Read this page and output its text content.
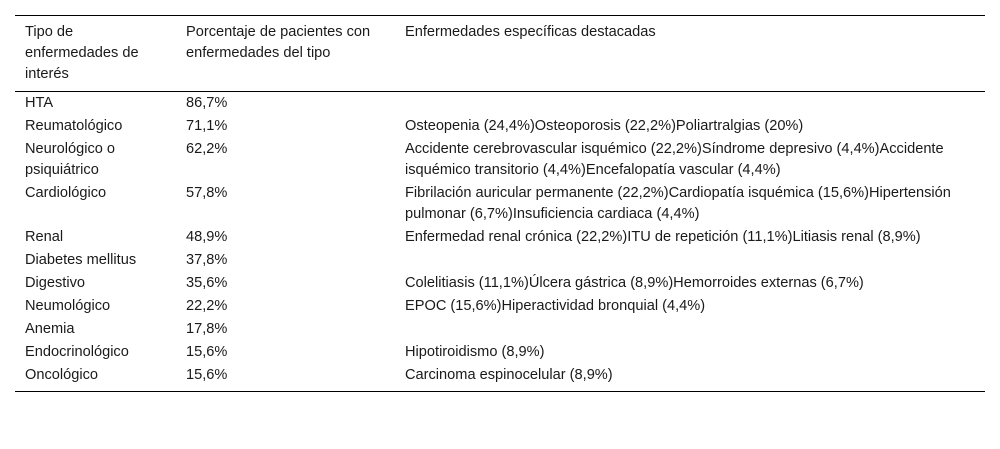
Tipo de enfermedades de interés	Porcentaje de pacientes con enfermedades del tipo	Enfermedades específicas destacadas
HTA	86,7%	
Reumatológico	71,1%	Osteopenia (24,4%)Osteoporosis (22,2%)Poliartralgias (20%)
Neurológico o psiquiátrico	62,2%	Accidente cerebrovascular isquémico (22,2%)Síndrome depresivo (4,4%)Accidente isquémico transitorio (4,4%)Encefalopatía vascular (4,4%)
Cardiológico	57,8%	Fibrilación auricular permanente (22,2%)Cardiopatía isquémica (15,6%)Hipertensión pulmonar (6,7%)Insuficiencia cardiaca (4,4%)
Renal	48,9%	Enfermedad renal crónica (22,2%)ITU de repetición (11,1%)Litiasis renal (8,9%)
Diabetes mellitus	37,8%	
Digestivo	35,6%	Colelitiasis (11,1%)Úlcera gástrica (8,9%)Hemorroides externas (6,7%)
Neumológico	22,2%	EPOC (15,6%)Hiperactividad bronquial (4,4%)
Anemia	17,8%	
Endocrinológico	15,6%	Hipotiroidismo (8,9%)
Oncológico	15,6%	Carcinoma espinocelular (8,9%)
